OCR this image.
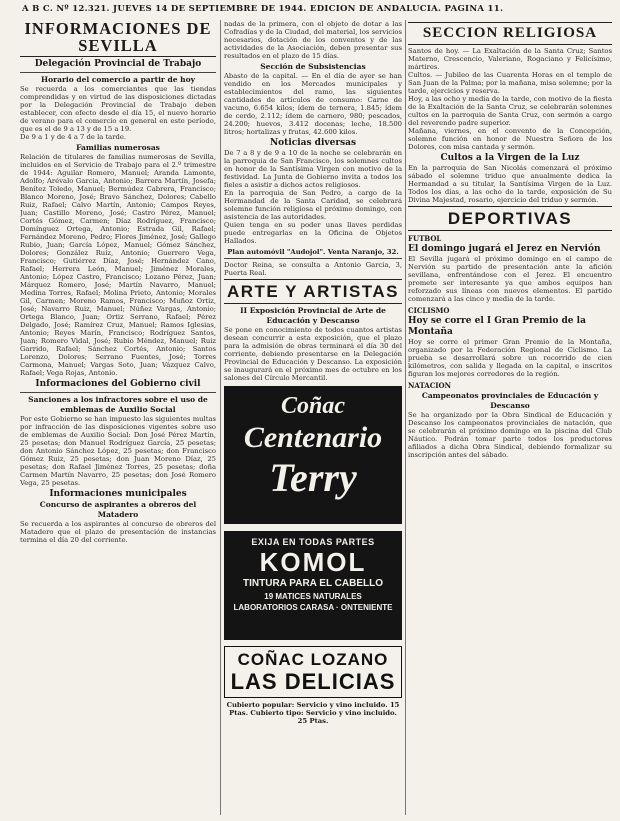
A B C. Nº 12.321. JUEVES 14 DE SEPTIEMBRE DE 1944. EDICION DE ANDALUCIA. PAGINA 11.
INFORMACIONES DE
SEVILLA
Delegación Provincial de Trabajo
Horario del comercio a partir de hoy

Se recuerda a los comerciantes que las tiendas comprendidas y en virtud de las disposiciones dictadas por la Delegación Provincial de Trabajo deben establecer, con efecto desde el día 15, el nuevo horario de verano para el comercio en general en este período, que es el de 9 a 13 y de 15 a 19.

De 9 a 1 y de 4 a 7 de la tarde.

Familias numerosas

Relación de titulares de familias numerosas de Sevilla, incluidos en el Servicio de Trabajo para el 2.º trimestre de 1944: Aguilar Romero, Manuel; Aranda Lamonte, Adolfo; Arévalo Garcia, Antonio; Barrera Martín, Josefa; Benítez Toledo, Manuel; Bermúdez Cabrera, Francisco; Blanco Moreno, José; Bravo Sánchez, Dolores; Cabello Ruiz, Rafael; Calvo Martín, Antonio; Campos Reyes, Juan; Castillo Moreno, José; Castro Pérez, Manuel; Cortés Gómez, Carmen; Díaz Rodríguez, Francisco; Domínguez Ortega, Antonio; Estrada Gil, Rafael; Fernández Moreno, Pedro; Flores Jiménez, José; Gallego Rubio, Juan; García López, Manuel; Gómez Sánchez, Dolores; González Ruiz, Antonio; Guerrero Vega, Francisco; Gutiérrez Díaz, José; Hernández Cano, Rafael; Herrera León, Manuel; Jiménez Morales, Antonio; López Castro, Francisco; Lozano Pérez, Juan; Márquez Romero, José; Martín Navarro, Manuel; Medina Torres, Rafael; Molina Prieto, Antonio; Morales Gil, Carmen; Moreno Ramos, Francisco; Muñoz Ortiz, José; Navarro Ruiz, Manuel; Núñez Vargas, Antonio; Ortega Blanco, Juan; Ortiz Serrano, Rafael; Pérez Delgado, José; Ramírez Cruz, Manuel; Ramos Iglesias, Antonio; Reyes Marín, Francisco; Rodríguez Santos, Juan; Romero Vidal, José; Rubio Méndez, Manuel; Ruiz Garrido, Rafael; Sánchez Cortés, Antonio; Santos Lorenzo, Dolores; Serrano Fuentes, José; Torres Carmona, Manuel; Vargas Soto, Juan; Vázquez Calvo, Rafael; Vega Rojas, Antonio.

Informaciones del Gobierno civil
Sanciones a los infractores sobre el uso de emblemas de Auxilio Social

Por este Gobierno se han impuesto las siguientes multas por infracción de las disposiciones vigentes sobre uso de emblemas de Auxilio Social: Don José Pérez Martín, 25 pesetas; don Manuel Rodríguez García, 25 pesetas; don Antonio Sánchez López, 25 pesetas; don Francisco Gómez Ruiz, 25 pesetas; don Juan Moreno Díaz, 25 pesetas; don Rafael Jiménez Torres, 25 pesetas; doña Carmen Martín Navarro, 25 pesetas; don José Romero Vega, 25 pesetas.

Informaciones municipales
Concurso de aspirantes a obreros del Matadero

Se recuerda a los aspirantes al concurso de obreros del Matadero que el plazo de presentación de instancias termina el día 20 del corriente.

nadas de la primera, con el objeto de dotar a las Cofradías y de la Ciudad, del material, los servicios necesarios, dotación de los conventos y de las actividades de la Asociación, deben presentar sus resultados en el plazo de 15 días.

Sección de Subsistencias

Abasto de la capital. — En el día de ayer se han vendido en los Mercados municipales y establecimientos del ramo, las siguientes cantidades de artículos de consumo: Carne de vacuno, 6.654 kilos; ídem de ternera, 1.845; ídem de cerdo, 2.112; ídem de carnero, 980; pescados, 24.200; huevos, 3.412 docenas; leche, 18.500 litros; hortalizas y frutas, 42.600 kilos.

Noticias diversas

De 7 a 8 y de 9 a 10 de la noche se celebrarán en la parroquia de San Francisco, los solemnes cultos en honor de la Santísima Virgen con motivo de la festividad. La Junta de Gobierno invita a todos los fieles a asistir a dichos actos religiosos.

En la parroquia de San Pedro, a cargo de la Hermandad de la Santa Caridad, se celebrará solemne función religiosa el próximo domingo, con asistencia de las autoridades.

Quien tenga en su poder unas llaves perdidas puede entregarlas en la Oficina de Objetos Hallados.

Plan automóvil "Audojol". Venta Naranjo, 32.

Doctor Reina, se consulta a Antonio Garcia, 3, Puerta Real.

ARTE Y ARTISTAS
II Exposición Provincial de Arte de Educación y Descanso

Se pone en conocimiento de todos cuantos artistas desean concurrir a esta exposición, que el plazo para la admisión de obras terminará el día 30 del corriente, debiendo presentarse en la Delegación Provincial de Educación y Descanso. La exposición se inaugurará en el próximo mes de octubre en los salones del Círculo Mercantil.

Coñac
Centenario
Terry
EXIJA EN TODAS PARTES
KOMOL
TINTURA PARA EL CABELLO
19 MATICES NATURALES
LABORATORIOS CARASA · ONTENIENTE
COÑAC LOZANO
LAS DELICIAS
Cubierto popular: Servicio y vino incluido. 15 Ptas. Cubierto tipo: Servicio y vino incluido. 25 Ptas.
SECCION RELIGIOSA

Santos de hoy. — La Exaltación de la Santa Cruz; Santos Materno, Crescencio, Valeriano, Rogaciano y Felicísimo, mártires.

Cultos. — Jubileo de las Cuarenta Horas en el templo de San Juan de la Palma; por la mañana, misa solemne; por la tarde, ejercicios y reserva.

Hoy, a las ocho y media de la tarde, con motivo de la fiesta de la Exaltación de la Santa Cruz, se celebrarán solemnes cultos en la parroquia de Santa Cruz, con sermón a cargo del reverendo padre superior.

Mañana, viernes, en el convento de la Concepción, solemne función en honor de Nuestra Señora de los Dolores, con misa cantada y sermón.

Cultos a la Virgen de la Luz

En la parroquia de San Nicolás comenzará el próximo sábado el solemne triduo que anualmente dedica la Hermandad a su titular, la Santísima Virgen de la Luz. Todos los días, a las ocho de la tarde, exposición de Su Divina Majestad, rosario, ejercicio del triduo y sermón.

DEPORTIVAS
FUTBOL
El domingo jugará el Jerez en Nervión

El Sevilla jugará el próximo domingo en el campo de Nervión su partido de presentación ante la afición sevillana, enfrentándose con el Jerez. El encuentro promete ser interesante ya que ambos equipos han reforzado sus líneas con nuevos elementos. El partido comenzará a las cinco y media de la tarde.

CICLISMO
Hoy se corre el I Gran Premio de la Montaña

Hoy se corre el primer Gran Premio de la Montaña, organizado por la Federación Regional de Ciclismo. La prueba se desarrollará sobre un recorrido de cien kilómetros, con salida y llegada en la capital, e inscritos figuran los mejores corredores de la región.

NATACION
Campeonatos provinciales de Educación y Descanso

Se ha organizado por la Obra Sindical de Educación y Descanso los campeonatos provinciales de natación, que se celebrarán el próximo domingo en la piscina del Club Náutico. Podrán tomar parte todos los productores afiliados a dicha Obra Sindical, debiendo formalizar su inscripción antes del sábado.
